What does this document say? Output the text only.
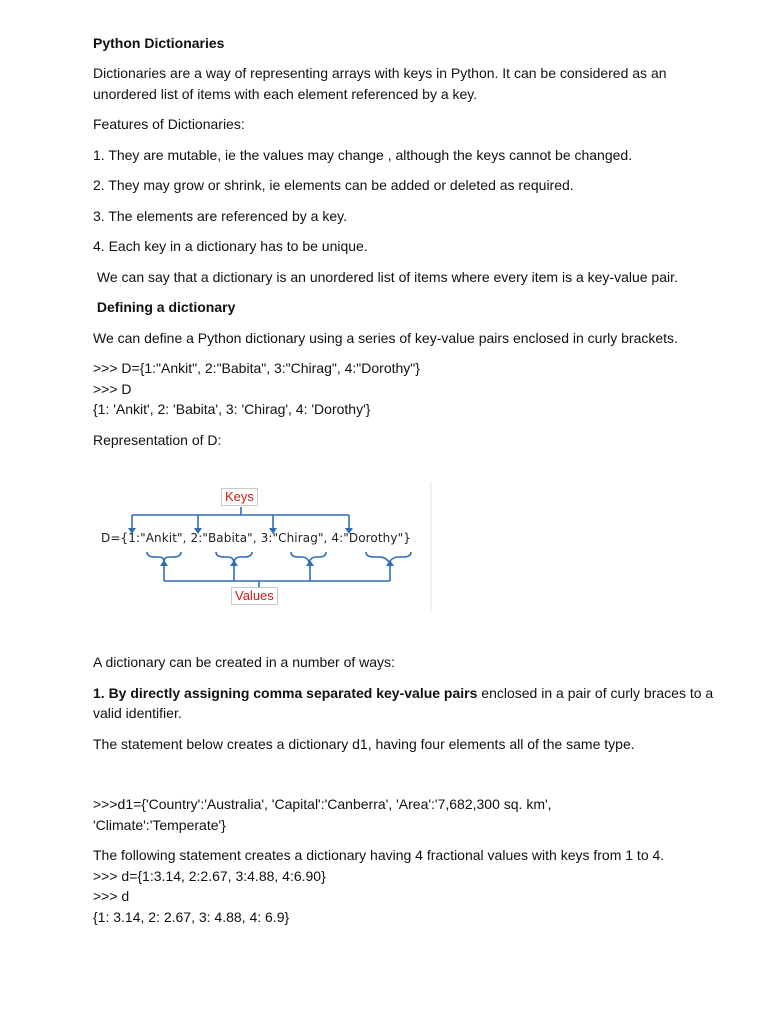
Python Dictionaries

Dictionaries are a way of representing arrays with keys in Python. It can be considered as an unordered list of items with each element referenced by a key.

Features of Dictionaries:

1. They are mutable, ie the values may change , although the keys cannot be changed.

2. They may grow or shrink, ie elements can be added or deleted as required.

3. The elements are referenced by a key.

4. Each key in a dictionary has to be unique.

We can say that a dictionary is an unordered list of items where every item is a key-value pair.

Defining a dictionary

We can define a Python dictionary using a series of key-value pairs enclosed in curly brackets.

>>> D={1:"Ankit", 2:"Babita", 3:"Chirag", 4:"Dorothy"}

>>> D

{1: 'Ankit', 2: 'Babita', 3: 'Chirag', 4: 'Dorothy'}

Representation of D:

Keys
D={1:"Ankit", 2:"Babita", 3:"Chirag", 4:"Dorothy"}
Values

A dictionary can be created in a number of ways:

1. By directly assigning comma separated key-value pairs enclosed in a pair of curly braces to a valid identifier.

The statement below creates a dictionary d1, having four elements all of the same type.

>>>d1={'Country':'Australia', 'Capital':'Canberra', 'Area':'7,682,300 sq. km',

'Climate':'Temperate'}

The following statement creates a dictionary having 4 fractional values with keys from 1 to 4.

>>> d={1:3.14, 2:2.67, 3:4.88, 4:6.90}

>>> d

{1: 3.14, 2: 2.67, 3: 4.88, 4: 6.9}
